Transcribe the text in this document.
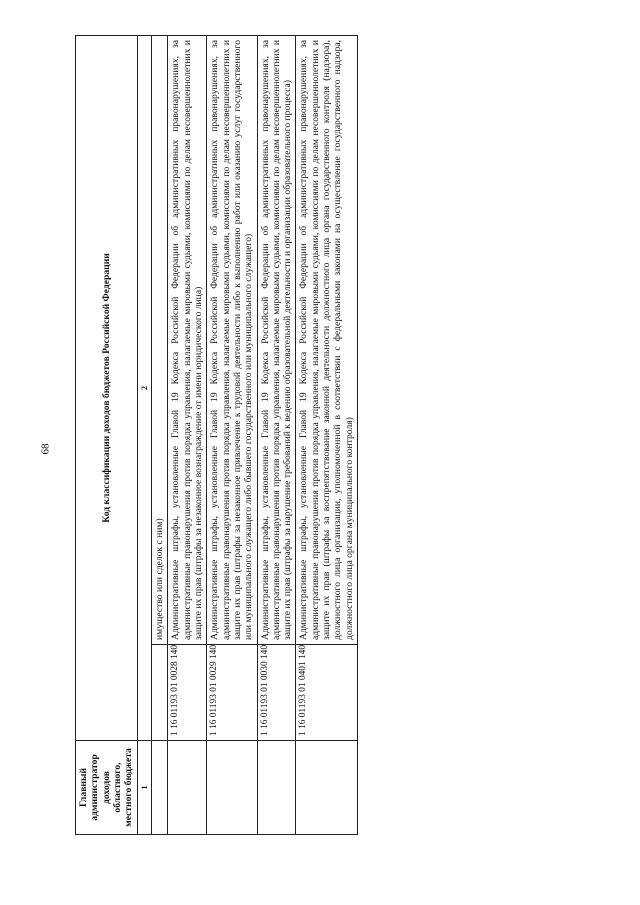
68
Главный администратор доходов областного, местного бюджета	Код классификации доходов бюджетов Российской Федерации
1	2
		имущество или сделок с ним)
	1 16 01193 01 0028 140	Административные штрафы, установленные Главой 19 Кодекса Российской Федерации об административных правонарушениях, за административные правонарушения против порядка управления, налагаемые мировыми судьями, комиссиями по делам несовершеннолетних и защите их прав (штрафы за незаконное вознаграждение от имени юридического лица)
	1 16 01193 01 0029 140	Административные штрафы, установленные Главой 19 Кодекса Российской Федерации об административных правонарушениях, за административные правонарушения против порядка управления, налагаемые мировыми судьями, комиссиями по делам несовершеннолетних и защите их прав (штрафы за незаконное привлечение к трудовой деятельности либо к выполнению работ или оказанию услуг государственного или муниципального служащего либо бывшего государственного или муниципального служащего)
	1 16 01193 01 0030 140	Административные штрафы, установленные Главой 19 Кодекса Российской Федерации об административных правонарушениях, за административные правонарушения против порядка управления, налагаемые мировыми судьями, комиссиями по делам несовершеннолетних и защите их прав (штрафы за нарушение требований к ведению образовательной деятельности и организации образовательного процесса)
	1 16 01193 01 0401 140	Административные штрафы, установленные Главой 19 Кодекса Российской Федерации об административных правонарушениях, за административные правонарушения против порядка управления, налагаемые мировыми судьями, комиссиями по делам несовершеннолетних и защите их прав (штрафы за воспрепятствование законной деятельности должностного лица органа государственного контроля (надзора), должностного лица организации, уполномоченной в соответствии с федеральными законами на осуществление государственного надзора, должностного лица органа муниципального контроля)
